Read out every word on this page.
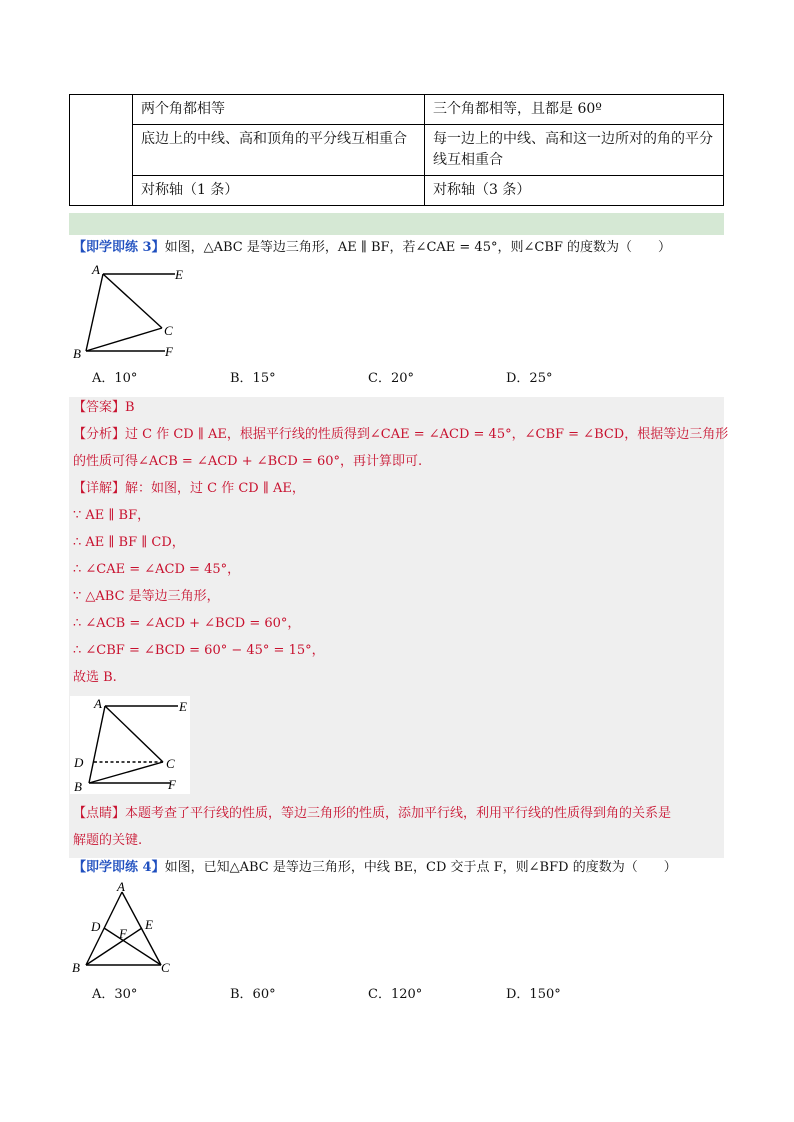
	两个角都相等	三个角都相等，且都是 60º
	底边上的中线、高和顶角的平分线互相重合	每一边上的中线、高和这一边所对的角的平分线互相重合
	对称轴（1 条）	对称轴（3 条）
【即学即练 3】如图，△ABC 是等边三角形，AE ∥ BF，若∠CAE = 45°，则∠CBF 的度数为（　　）
A	E
C
B	F
A．10°	B．15°	C．20°	D．25°
【答案】B
【分析】过 C 作 CD ∥ AE，根据平行线的性质得到∠CAE = ∠ACD = 45°，∠CBF = ∠BCD，根据等边三角形
的性质可得∠ACB = ∠ACD + ∠BCD = 60°，再计算即可.
【详解】解：如图，过 C 作 CD ∥ AE，
∵ AE ∥ BF，
∴ AE ∥ BF ∥ CD，
∴ ∠CAE = ∠ACD = 45°，
∵ △ABC 是等边三角形，
∴ ∠ACB = ∠ACD + ∠BCD = 60°，
∴ ∠CBF = ∠BCD = 60° − 45° = 15°，
故选 B.
A	E
D	C
B	F
【点睛】本题考查了平行线的性质，等边三角形的性质，添加平行线，利用平行线的性质得到角的关系是
解题的关键.
【即学即练 4】如图，已知△ABC 是等边三角形，中线 BE，CD 交于点 F，则∠BFD 的度数为（　　）
A
D	E
F
B	C
A．30°	B．60°	C．120°	D．150°
